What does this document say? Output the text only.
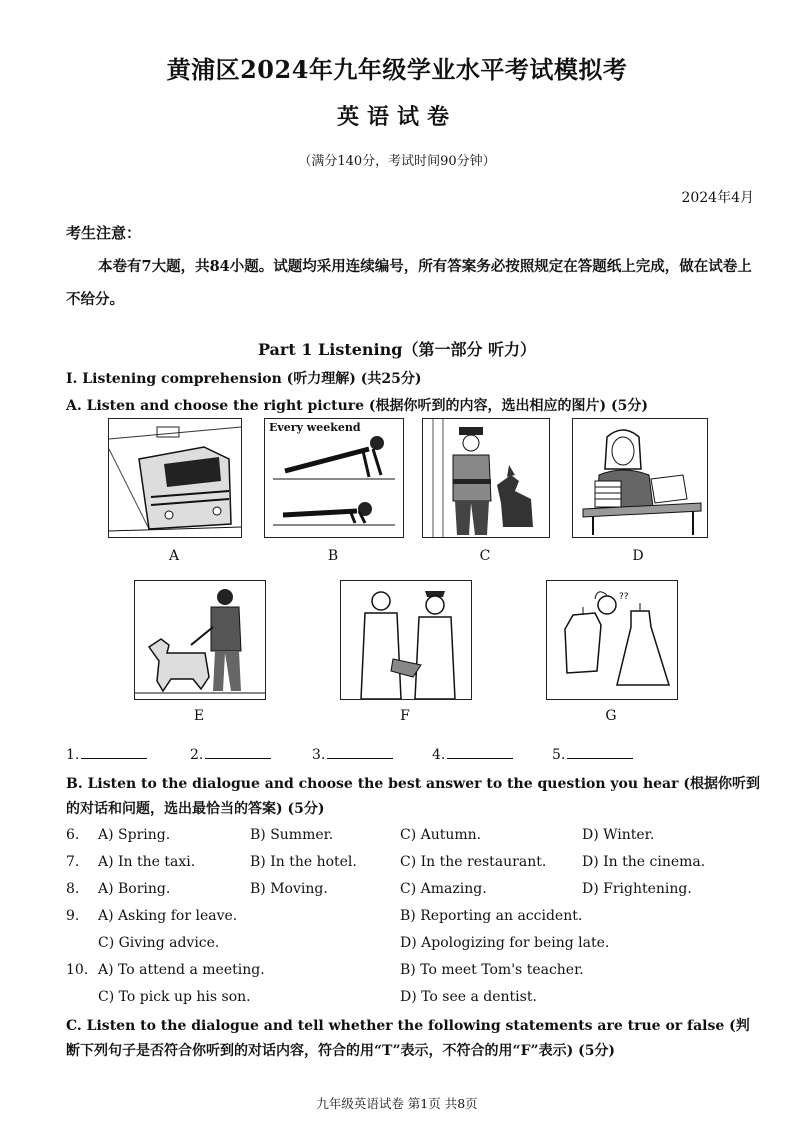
黄浦区2024年九年级学业水平考试模拟考
英语试卷
（满分140分，考试时间90分钟）
2024年4月
考生注意：
本卷有7大题，共84小题。试题均采用连续编号，所有答案务必按照规定在答题纸上完成，做在试卷上不给分。
Part 1 Listening（第一部分 听力）
I. Listening comprehension (听力理解) (共25分)
A. Listen and choose the right picture (根据你听到的内容，选出相应的图片) (5分)
Every weekend
A	B	C	D
??
E	F	G
1.	2.	3.	4.	5.
B. Listen to the dialogue and choose the best answer to the question you hear (根据你听到的对话和问题，选出最恰当的答案) (5分)
6. A) Spring.	B) Summer.	C) Autumn.	D) Winter.
7. A) In the taxi.	B) In the hotel.	C) In the restaurant.	D) In the cinema.
8. A) Boring.	B) Moving.	C) Amazing.	D) Frightening.
9. A) Asking for leave.	B) Reporting an accident.
C) Giving advice.	D) Apologizing for being late.
10. A) To attend a meeting.	B) To meet Tom's teacher.
C) To pick up his son.	D) To see a dentist.
C. Listen to the dialogue and tell whether the following statements are true or false (判断下列句子是否符合你听到的对话内容，符合的用“T”表示，不符合的用“F”表示) (5分)
九年级英语试卷 第1页 共8页
